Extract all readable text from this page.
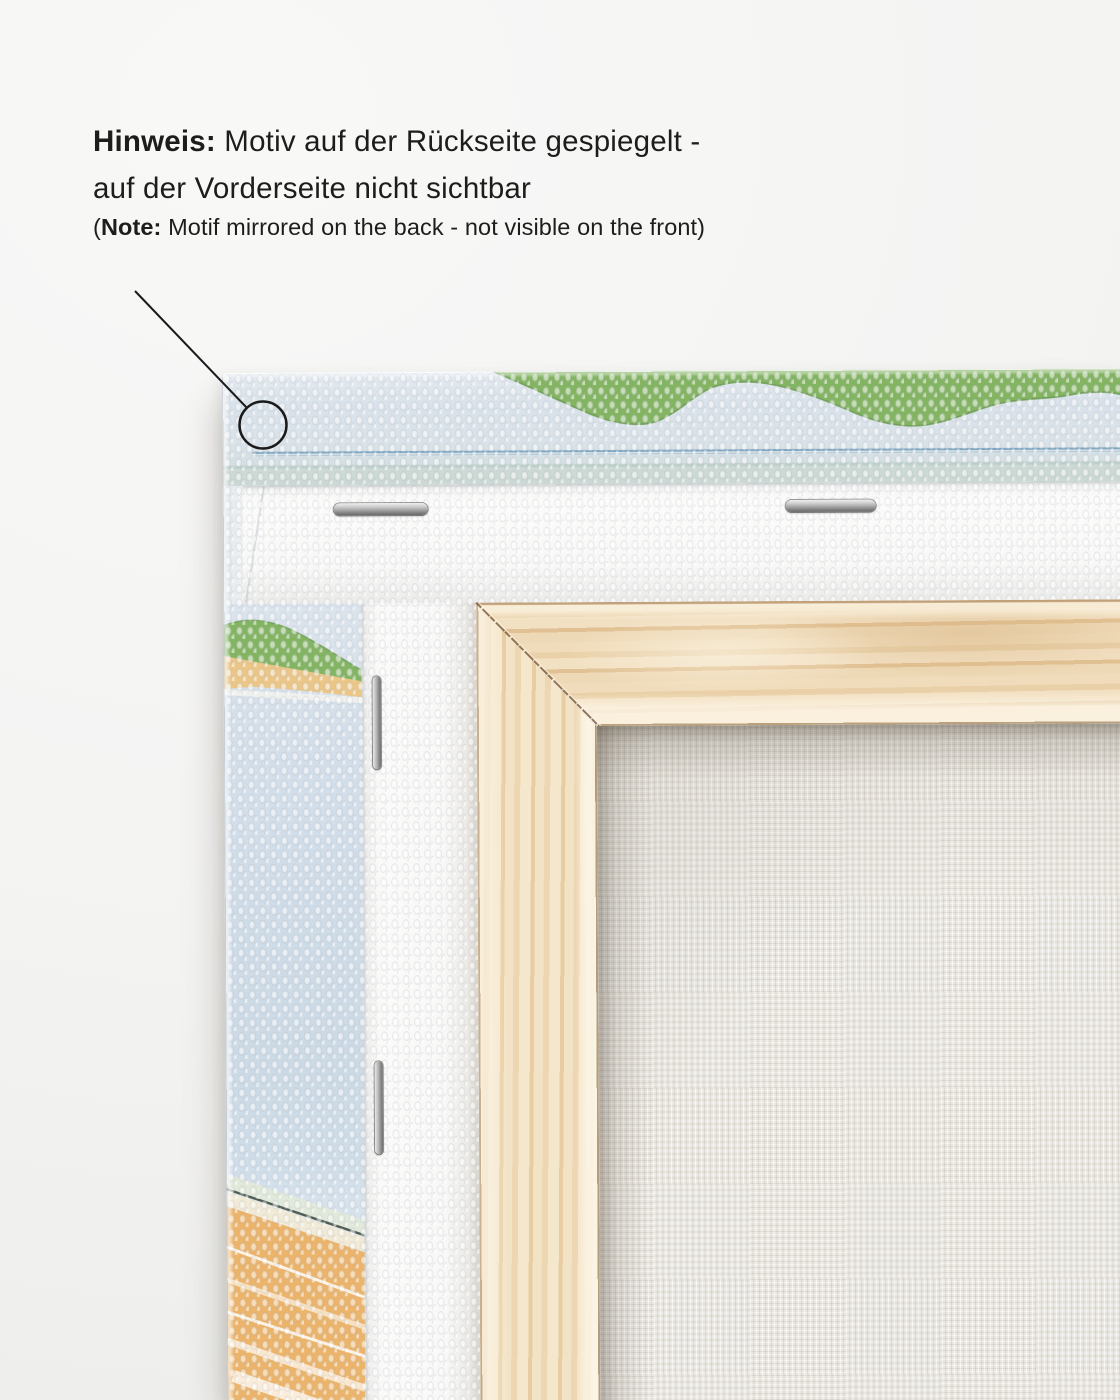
Hinweis: Motiv auf der Rückseite gespiegelt -
auf der Vorderseite nicht sichtbar

(Note: Motif mirrored on the back - not visible on the front)
